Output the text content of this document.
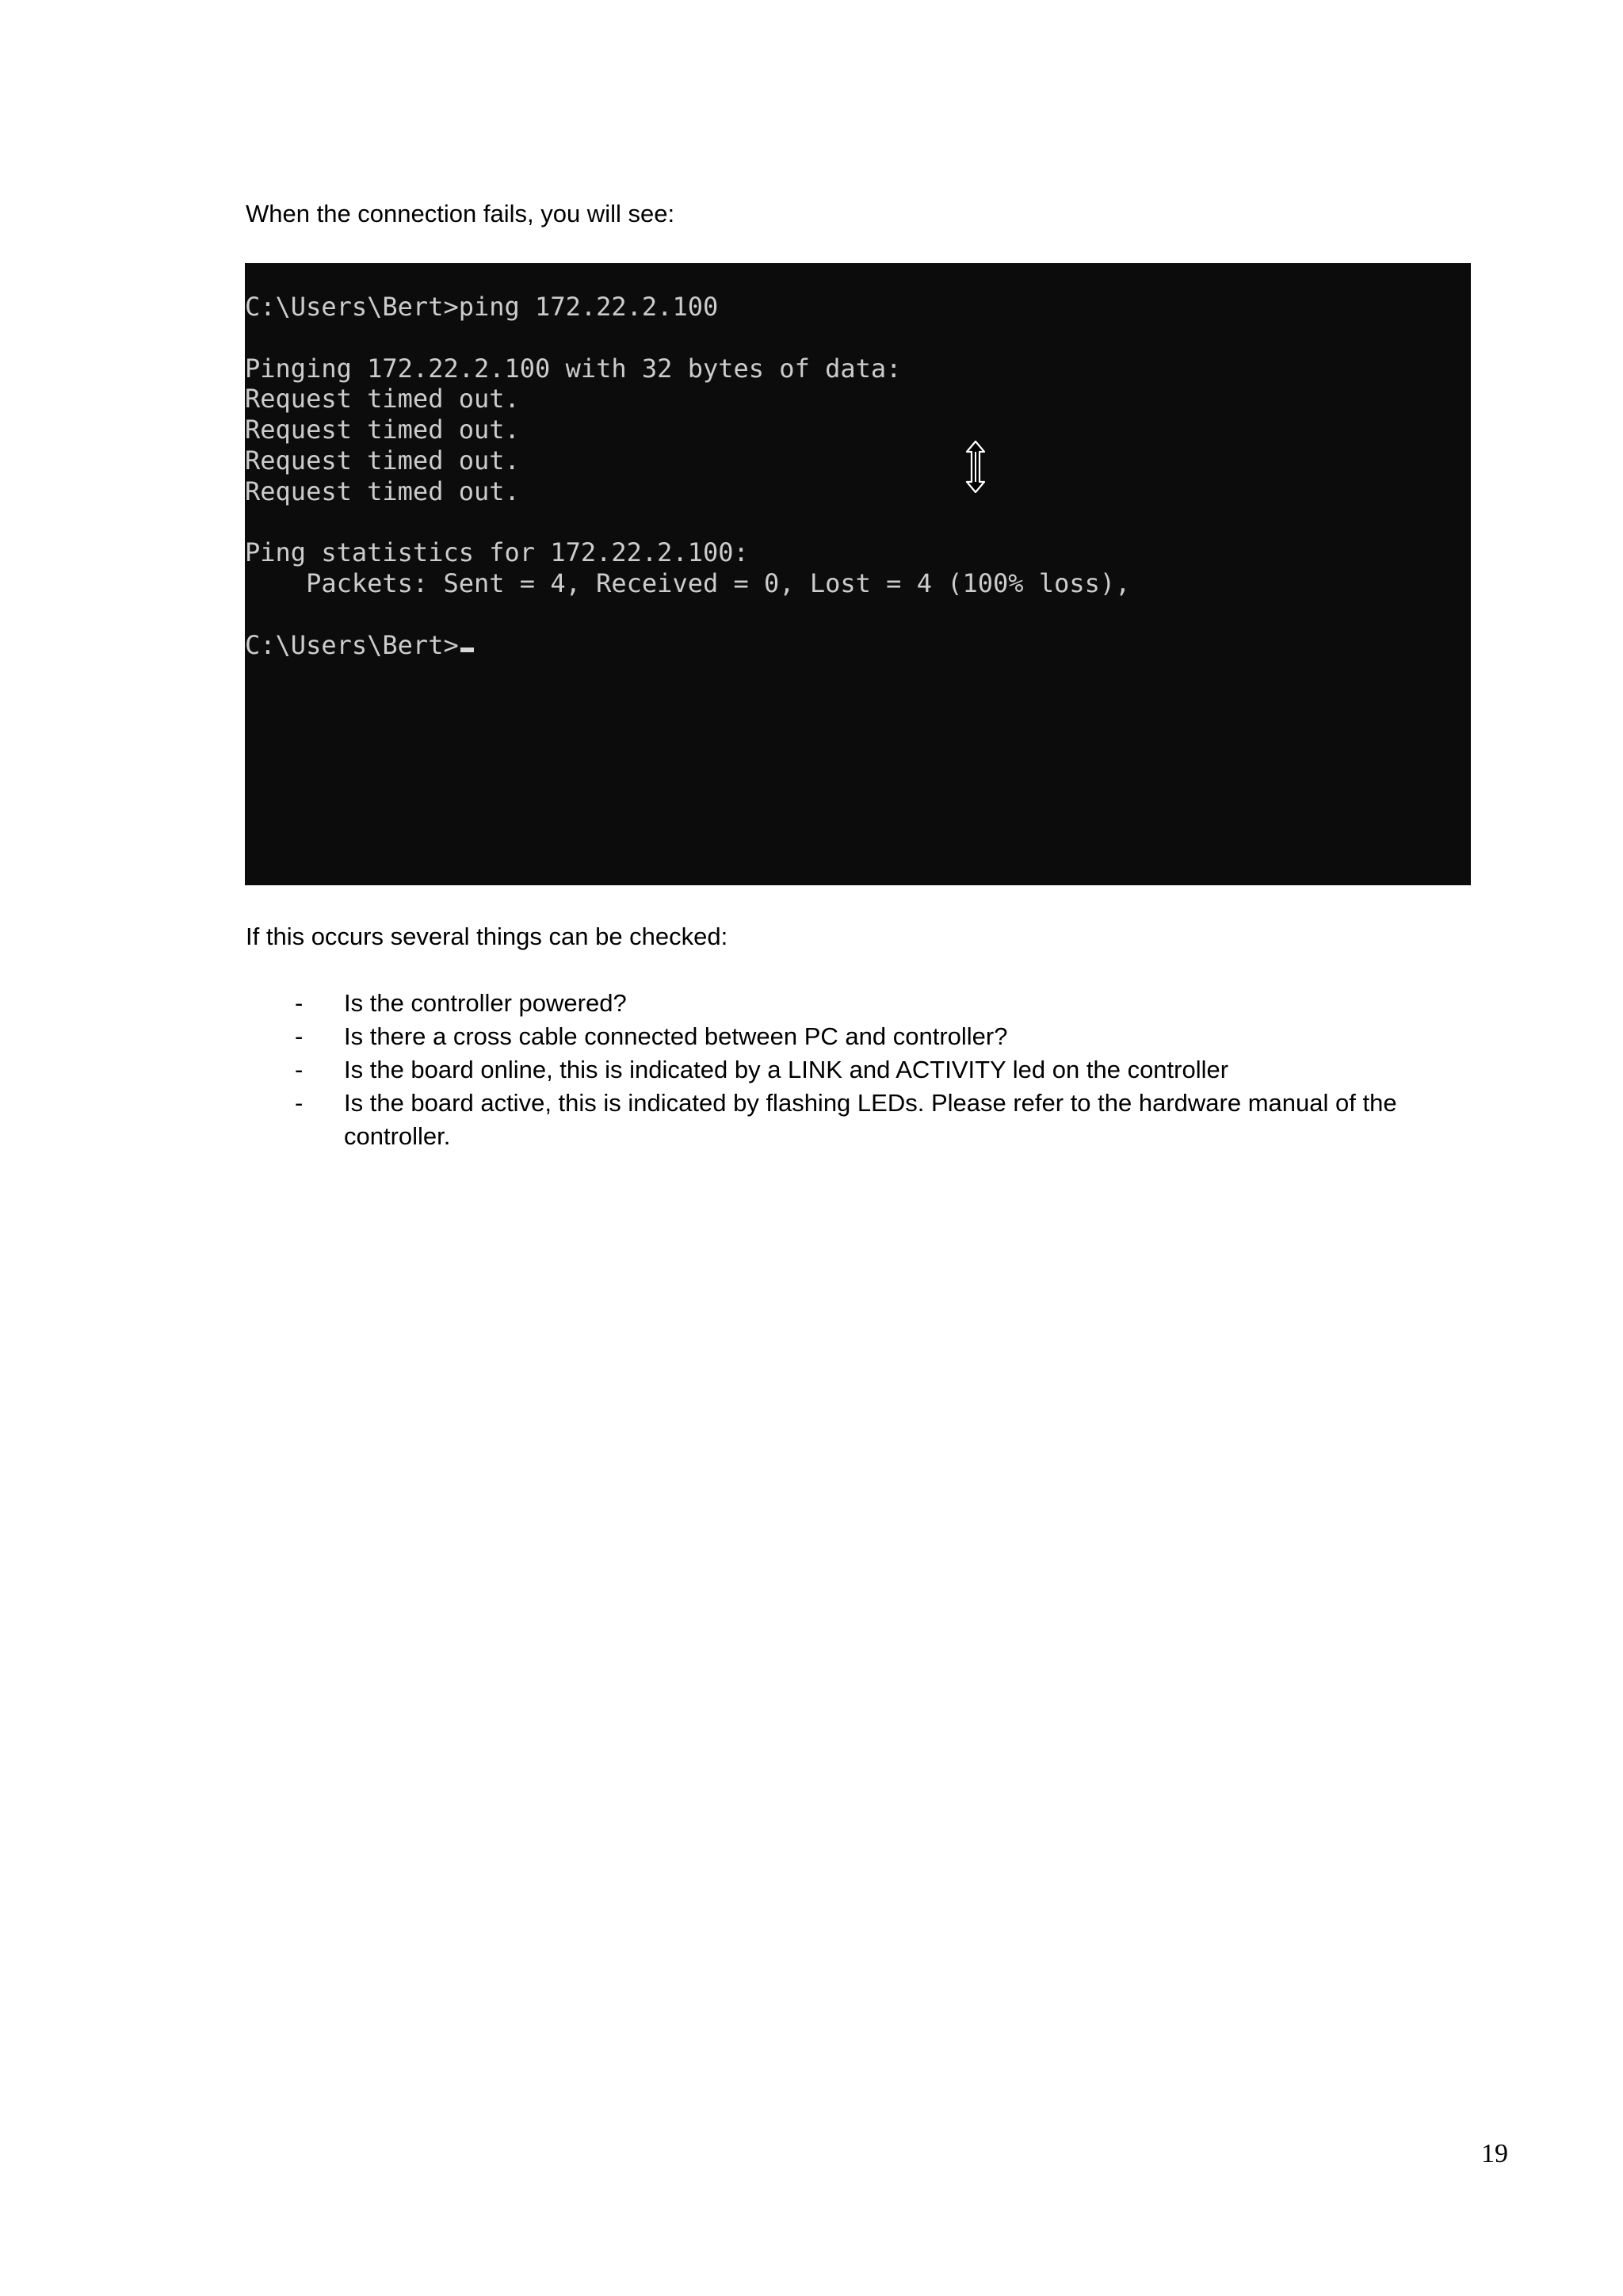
When the connection fails, you will see:

C:\Users\Bert>ping 172.22.2.100
Pinging 172.22.2.100 with 32 bytes of data:
Request timed out.
Request timed out.
Request timed out.
Request timed out.
Ping statistics for 172.22.2.100:
Packets: Sent = 4, Received = 0, Lost = 4 (100% loss),
C:\Users\Bert>

If this occurs several things can be checked:

- Is the controller powered?
- Is there a cross cable connected between PC and controller?
- Is the board online, this is indicated by a LINK and ACTIVITY led on the controller
- Is the board active, this is indicated by flashing LEDs. Please refer to the hardware manual of the controller.

19
